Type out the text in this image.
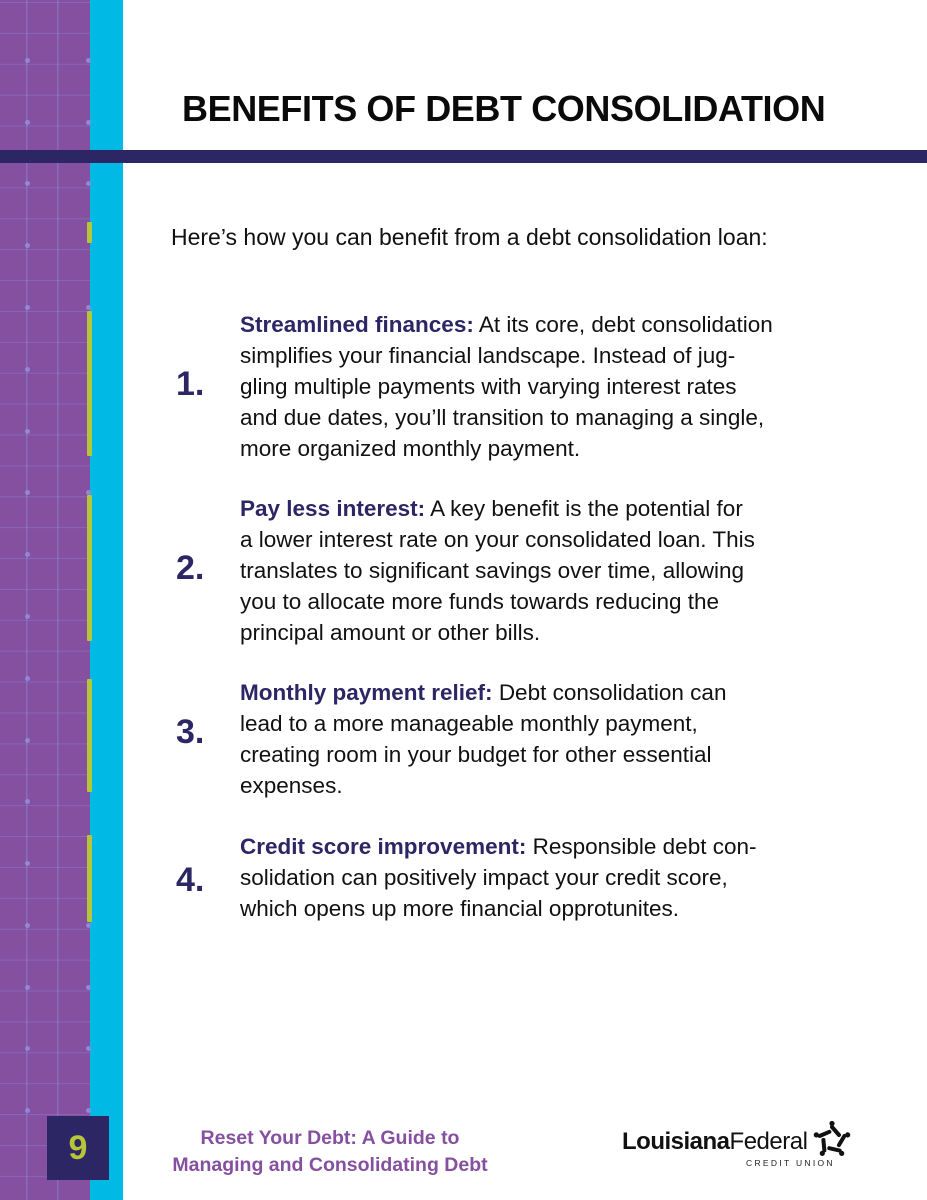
BENEFITS OF DEBT CONSOLIDATION
Here’s how you can benefit from a debt consolidation loan:
1.
Streamlined finances: At its core, debt consolidation
simplifies your financial landscape. Instead of jug-
gling multiple payments with varying interest rates
and due dates, you’ll transition to managing a single,
more organized monthly payment.
2.
Pay less interest: A key benefit is the potential for
a lower interest rate on your consolidated loan. This
translates to significant savings over time, allowing
you to allocate more funds towards reducing the
principal amount or other bills.
3.
Monthly payment relief: Debt consolidation can
lead to a more manageable monthly payment,
creating room in your budget for other essential
expenses.
4.
Credit score improvement: Responsible debt con-
solidation can positively impact your credit score,
which opens up more financial opprotunites.
9	Reset Your Debt: A Guide to
Managing and Consolidating Debt
LouisianaFederal
CREDIT UNION
